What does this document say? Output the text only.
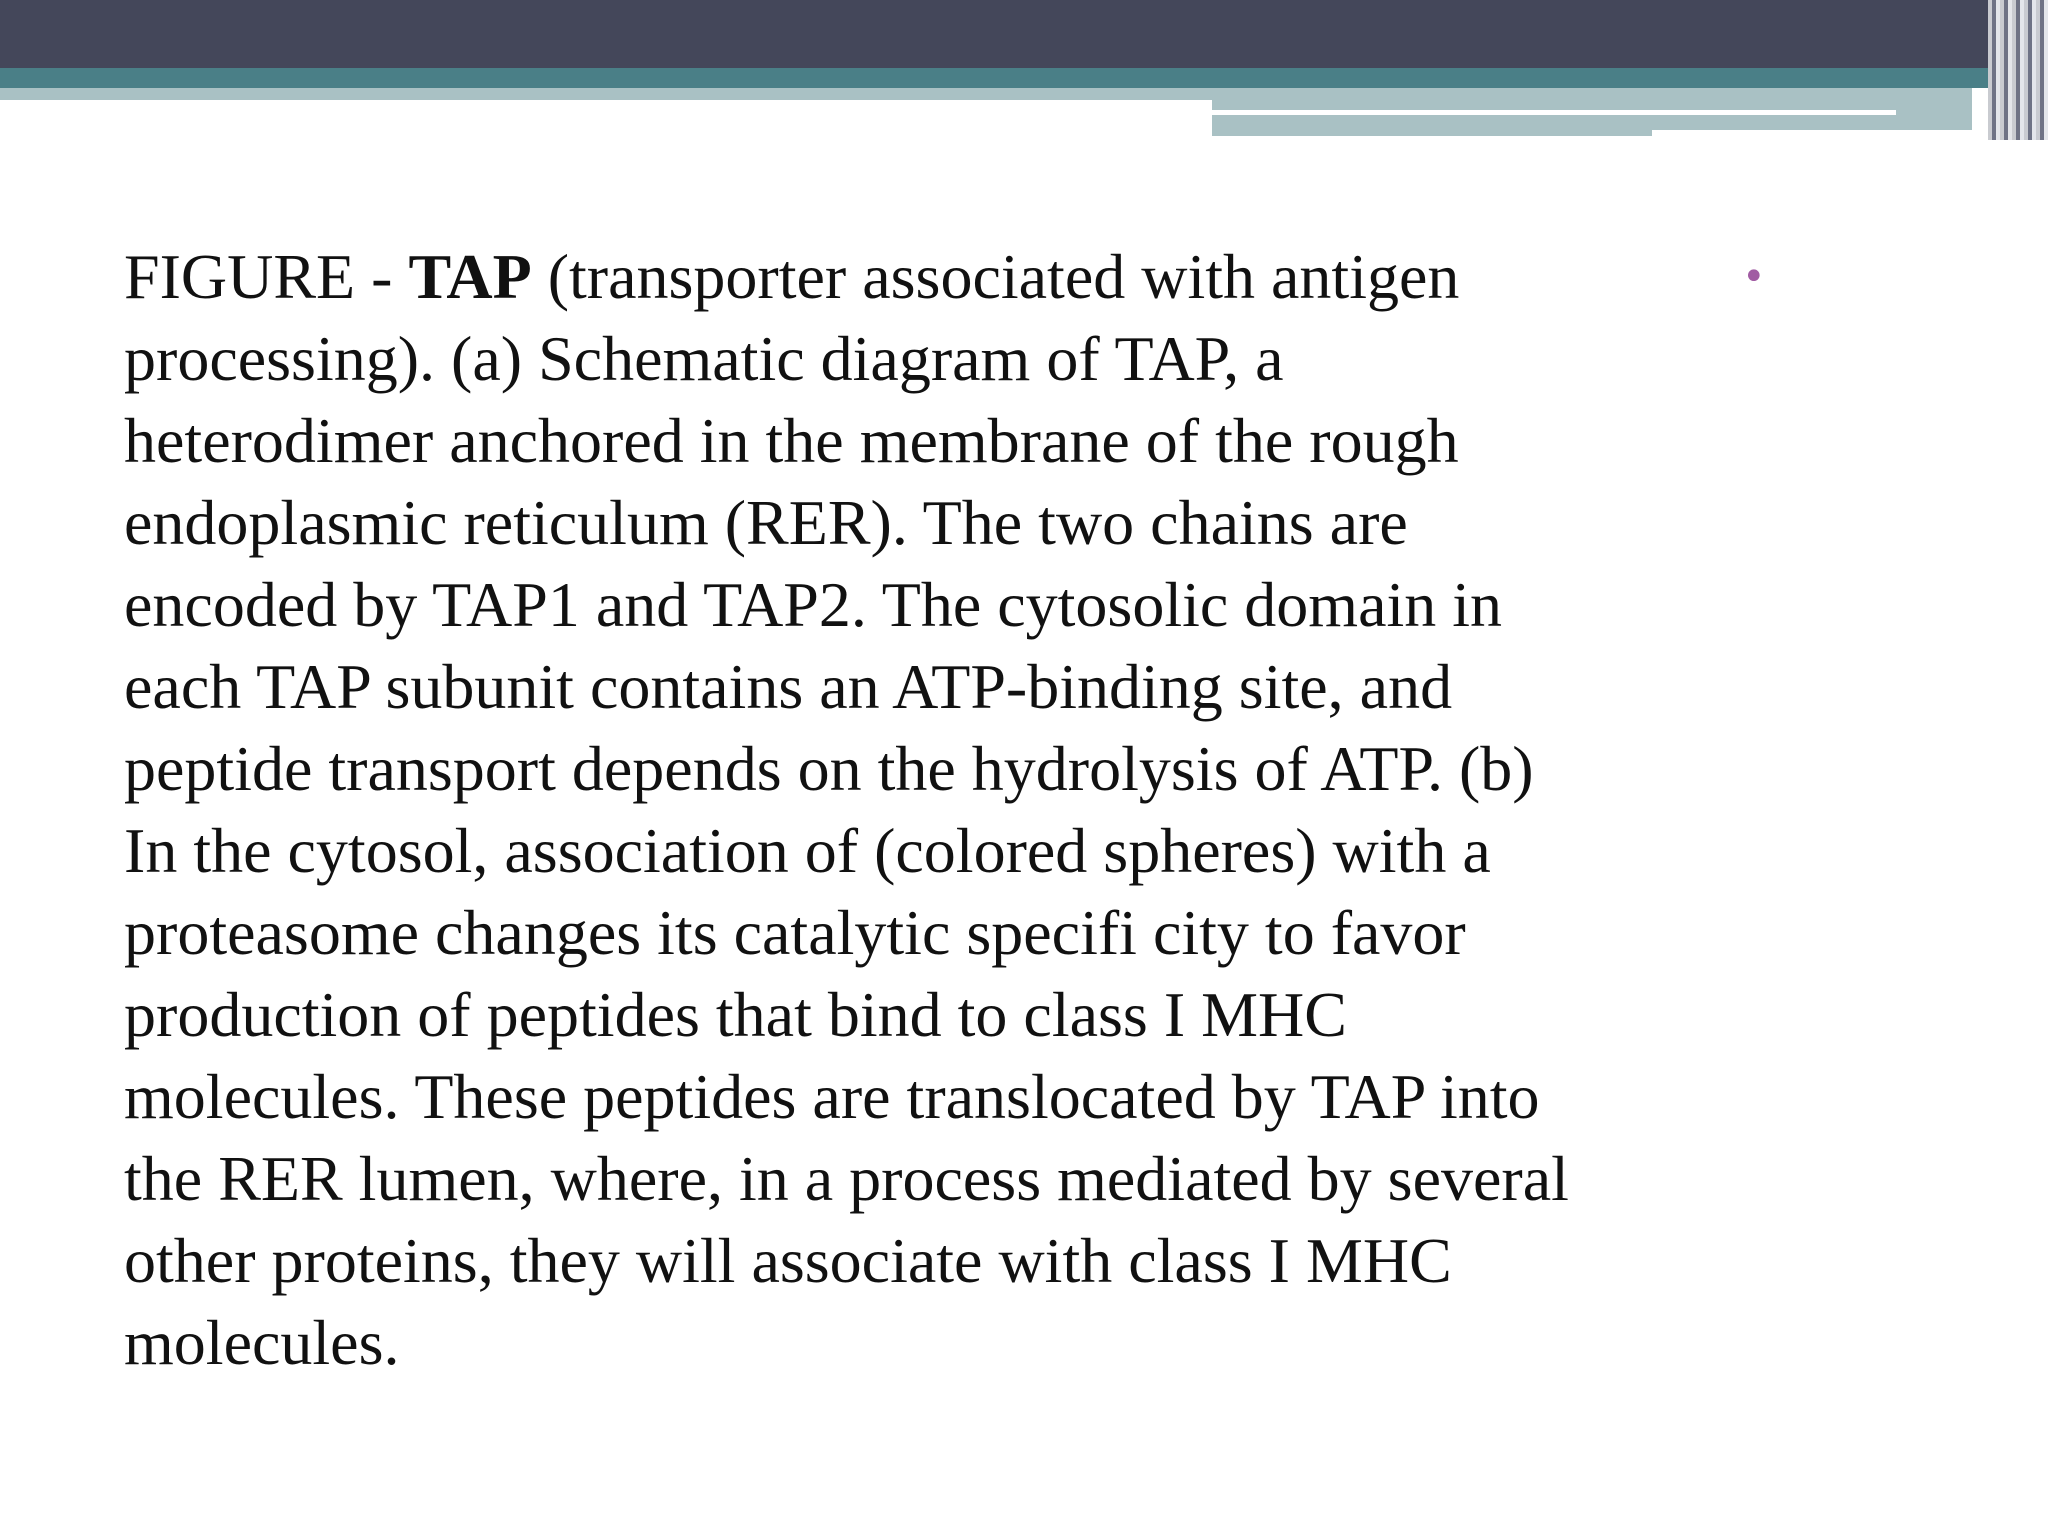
•
FIGURE - TAP (transporter associated with antigen
processing). (a) Schematic diagram of TAP, a
heterodimer anchored in the membrane of the rough
endoplasmic reticulum (RER). The two chains are
encoded by TAP1 and TAP2. The cytosolic domain in
each TAP subunit contains an ATP-binding site, and
peptide transport depends on the hydrolysis of ATP. (b)
In the cytosol, association of (colored spheres) with a
proteasome changes its catalytic specifi city to favor
production of peptides that bind to class I MHC
molecules. These peptides are translocated by TAP into
the RER lumen, where, in a process mediated by several
other proteins, they will associate with class I MHC
molecules.
